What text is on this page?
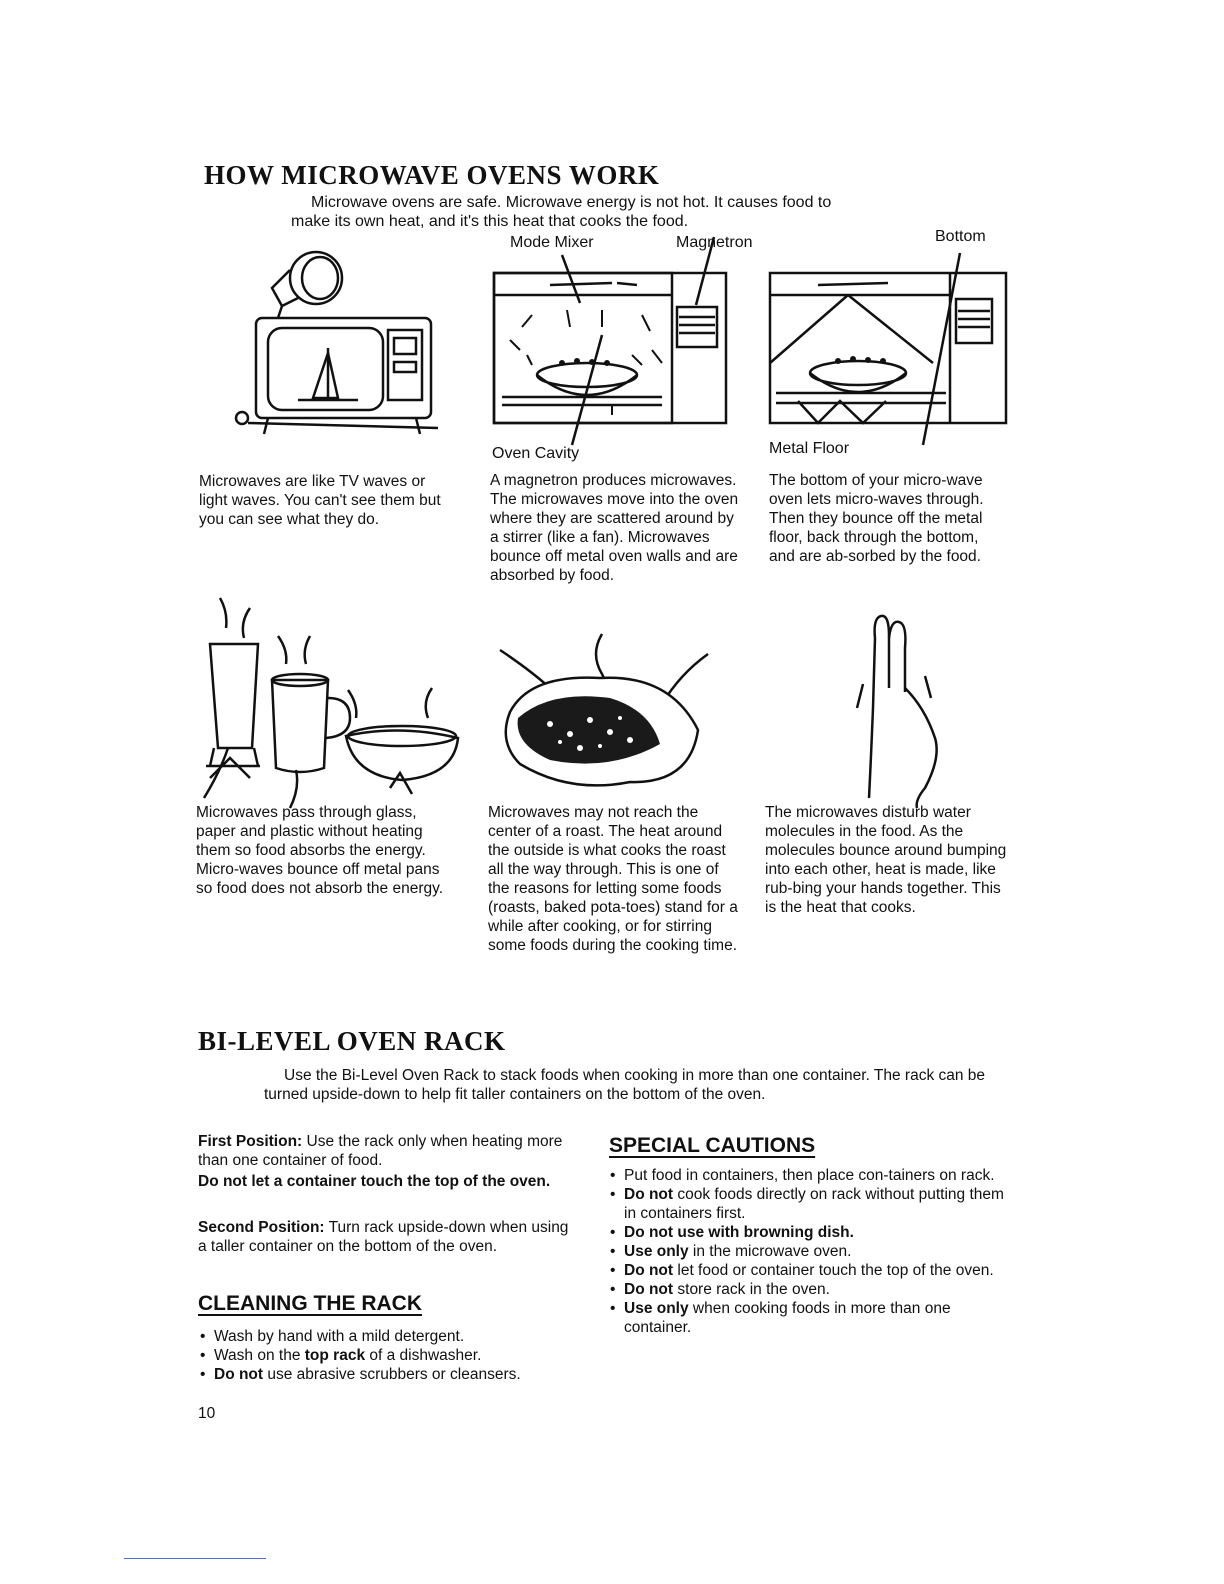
HOW MICROWAVE OVENS WORK
Microwave ovens are safe. Microwave energy is not hot. It causes food to
make its own heat, and it's this heat that cooks the food.
Mode Mixer	Magnetron	Bottom
Oven Cavity	Metal Floor
Microwaves are like TV waves or light waves. You can't see them but you can see what they do.
A magnetron produces microwaves. The microwaves move into the oven where they are scattered around by a stirrer (like a fan). Microwaves bounce off metal oven walls and are absorbed by food.
The bottom of your micro-wave oven lets micro-waves through. Then they bounce off the metal floor, back through the bottom, and are ab-sorbed by the food.
Microwaves pass through glass, paper and plastic without heating them so food absorbs the energy. Micro-waves bounce off metal pans so food does not absorb the energy.
Microwaves may not reach the center of a roast. The heat around the outside is what cooks the roast all the way through. This is one of the reasons for letting some foods (roasts, baked pota-toes) stand for a while after cooking, or for stirring some foods during the cooking time.
The microwaves disturb water molecules in the food. As the molecules bounce around bumping into each other, heat is made, like rub-bing your hands together. This is the heat that cooks.
BI-LEVEL OVEN RACK
Use the Bi-Level Oven Rack to stack foods when cooking in more than one container. The rack can be turned upside-down to help fit taller containers on the bottom of the oven.
First Position: Use the rack only when heating more than one container of food.
Do not let a container touch the top of the oven.
Second Position: Turn rack upside-down when using a taller container on the bottom of the oven.
CLEANING THE RACK
• Wash by hand with a mild detergent.
• Wash on the top rack of a dishwasher.
• Do not use abrasive scrubbers or cleansers.
SPECIAL CAUTIONS
• Put food in containers, then place con-tainers on rack.
• Do not cook foods directly on rack without putting them in containers first.
• Do not use with browning dish.
• Use only in the microwave oven.
• Do not let food or container touch the top of the oven.
• Do not store rack in the oven.
• Use only when cooking foods in more than one container.
10
